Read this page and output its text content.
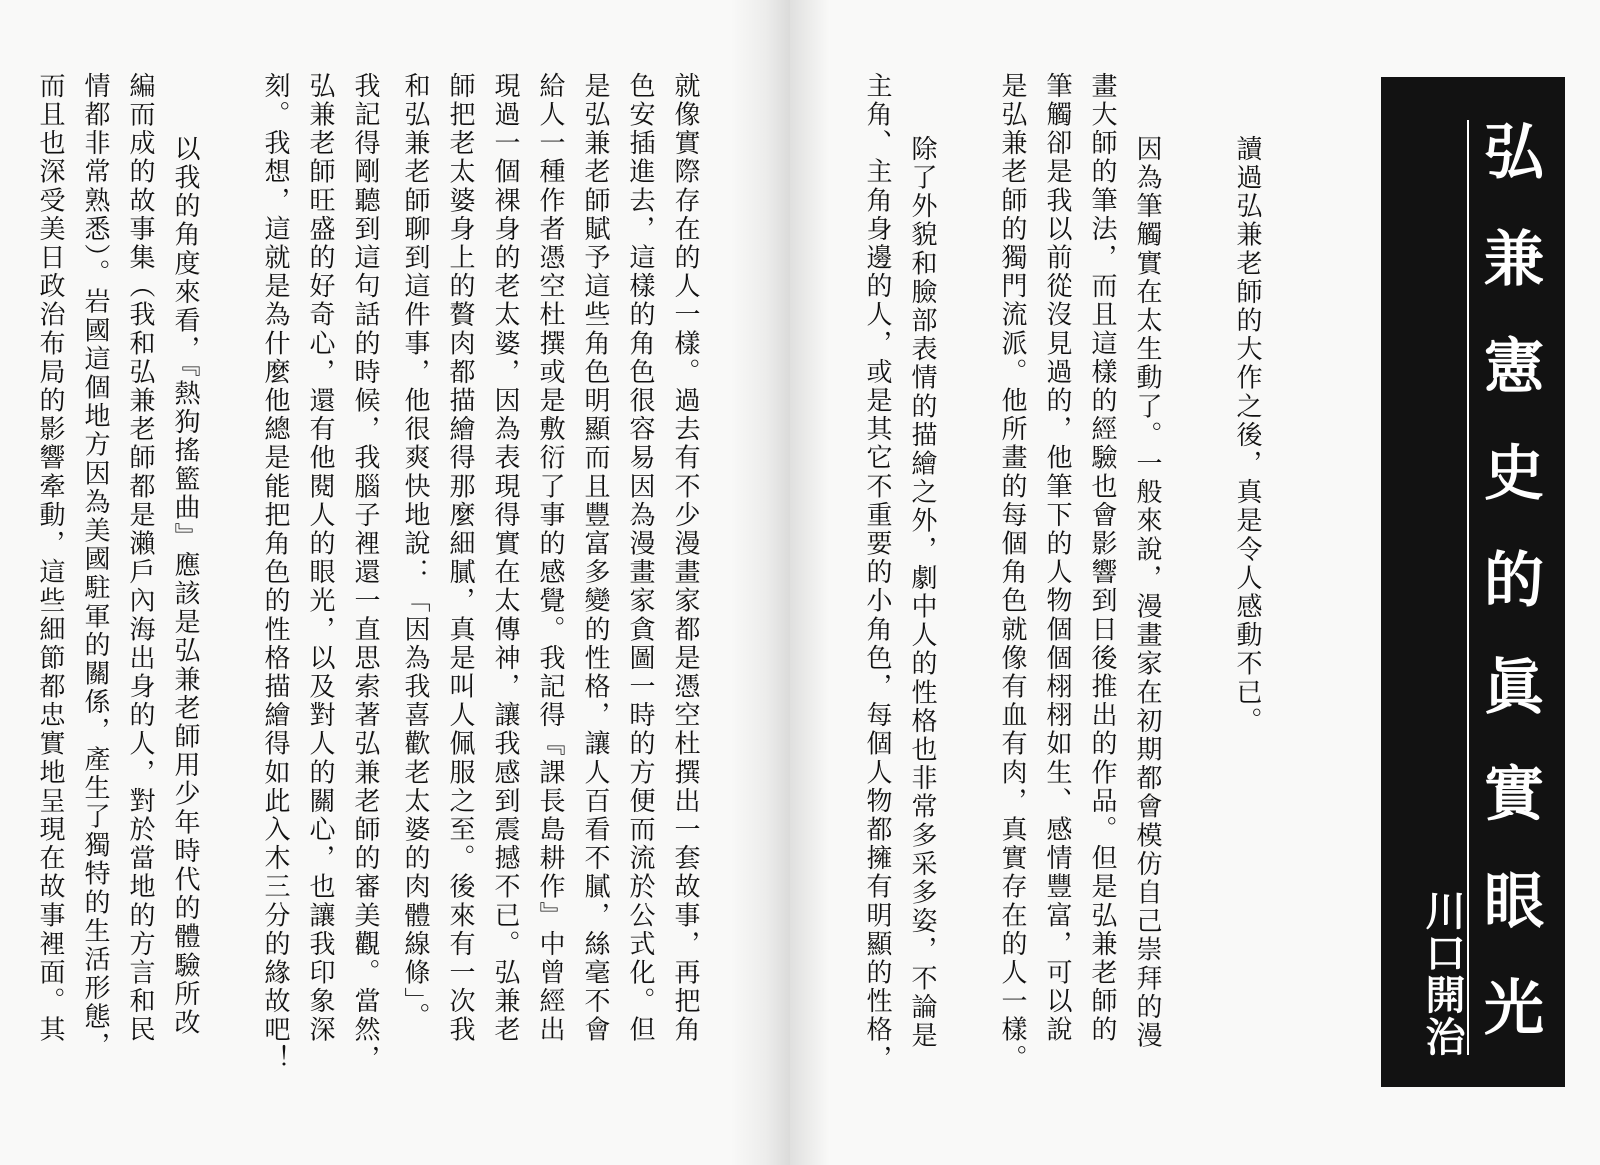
讀過弘兼老師的大作之後，真是令人感動不已。
因為筆觸實在太生動了。一般來說，漫畫家在初期都會模仿自己崇拜的漫
畫大師的筆法，而且這樣的經驗也會影響到日後推出的作品。但是弘兼老師的
筆觸卻是我以前從沒見過的，他筆下的人物個個栩栩如生、感情豐富，可以說
是弘兼老師的獨門流派。他所畫的每個角色就像有血有肉，真實存在的人一樣。
除了外貌和臉部表情的描繪之外，劇中人的性格也非常多采多姿，不論是
主角、主角身邊的人，或是其它不重要的小角色，每個人物都擁有明顯的性格，	弘兼憲史的眞實眼光
川口開治
就像實際存在的人一樣。過去有不少漫畫家都是憑空杜撰出一套故事，再把角
色安插進去，這樣的角色很容易因為漫畫家貪圖一時的方便而流於公式化。但
是弘兼老師賦予這些角色明顯而且豐富多變的性格，讓人百看不膩，絲毫不會
給人一種作者憑空杜撰或是敷衍了事的感覺。我記得『課長島耕作』中曾經出
現過一個裸身的老太婆，因為表現得實在太傳神，讓我感到震撼不已。弘兼老
師把老太婆身上的贅肉都描繪得那麼細膩，真是叫人佩服之至。後來有一次我
和弘兼老師聊到這件事，他很爽快地說：「因為我喜歡老太婆的肉體線條」。
我記得剛聽到這句話的時候，我腦子裡還一直思索著弘兼老師的審美觀。當然，
弘兼老師旺盛的好奇心，還有他閱人的眼光，以及對人的關心，也讓我印象深
刻。我想，這就是為什麼他總是能把角色的性格描繪得如此入木三分的緣故吧！
以我的角度來看，『熱狗搖籃曲』應該是弘兼老師用少年時代的體驗所改
編而成的故事集（我和弘兼老師都是瀨戶內海出身的人，對於當地的方言和民
情都非常熟悉）。岩國這個地方因為美國駐軍的關係，產生了獨特的生活形態，
而且也深受美日政治布局的影響牽動，這些細節都忠實地呈現在故事裡面。其
